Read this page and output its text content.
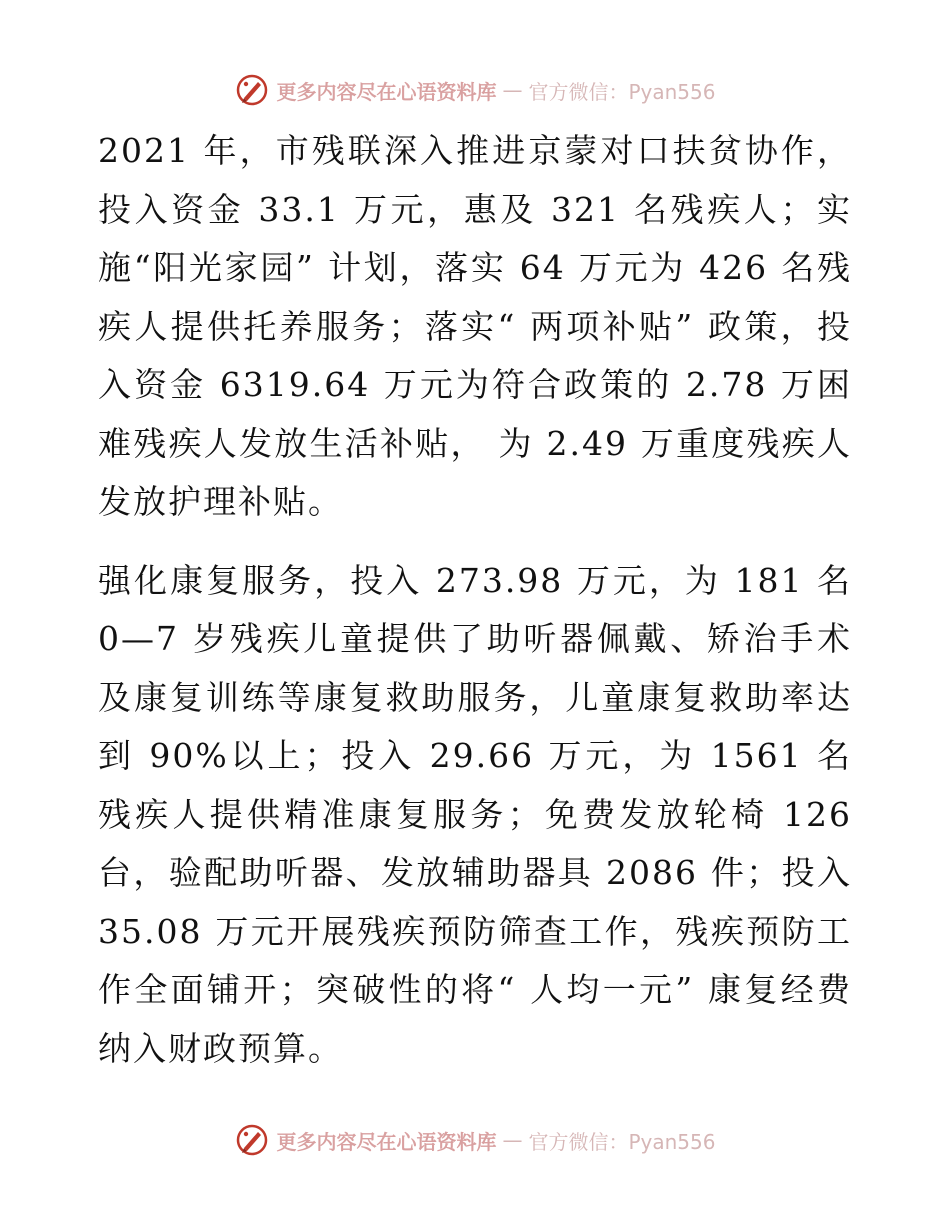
更多内容尽在心语资料库 — 官方微信：Pyan556

2021 年，市残联深入推进京蒙对口扶贫协作，投入资金 33.1 万元，惠及 321 名残疾人；实施“阳光家园” 计划，落实 64 万元为 426 名残疾人提供托养服务；落实“ 两项补贴” 政策，投入资金 6319.64 万元为符合政策的 2.78 万困难残疾人发放生活补贴， 为 2.49 万重度残疾人发放护理补贴。

强化康复服务，投入 273.98 万元，为 181 名 0—7 岁残疾儿童提供了助听器佩戴、矫治手术及康复训练等康复救助服务，儿童康复救助率达到 90%以上；投入 29.66 万元，为 1561 名残疾人提供精准康复服务；免费发放轮椅 126 台，验配助听器、发放辅助器具 2086 件；投入 35.08 万元开展残疾预防筛查工作，残疾预防工作全面铺开；突破性的将“ 人均一元” 康复经费纳入财政预算。

更多内容尽在心语资料库 — 官方微信：Pyan556
